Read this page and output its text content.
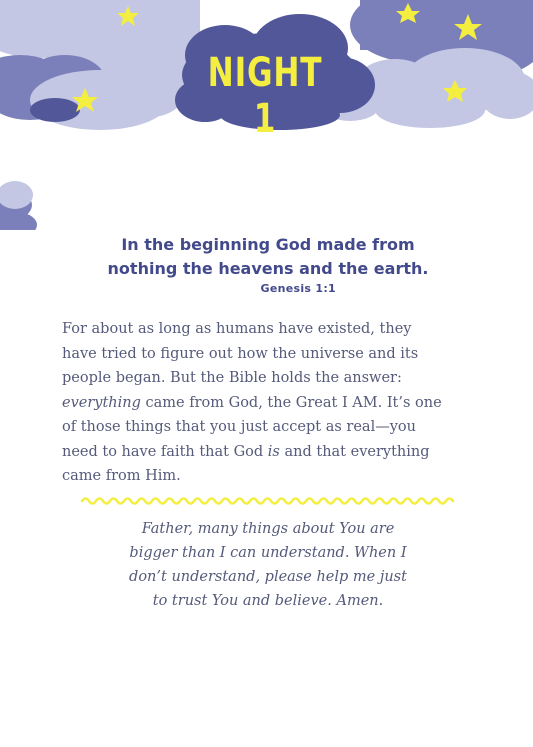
NIGHT 1
In the beginning God made from
nothing the heavens and the earth.
Genesis 1:1
For about as long as humans have existed, they
have tried to figure out how the universe and its
people began. But the Bible holds the answer:
everything came from God, the Great I AM. It’s one
of those things that you just accept as real—you
need to have faith that God is and that everything
came from Him.
Father, many things about You are
bigger than I can understand. When I
don’t understand, please help me just
to trust You and believe. Amen.
